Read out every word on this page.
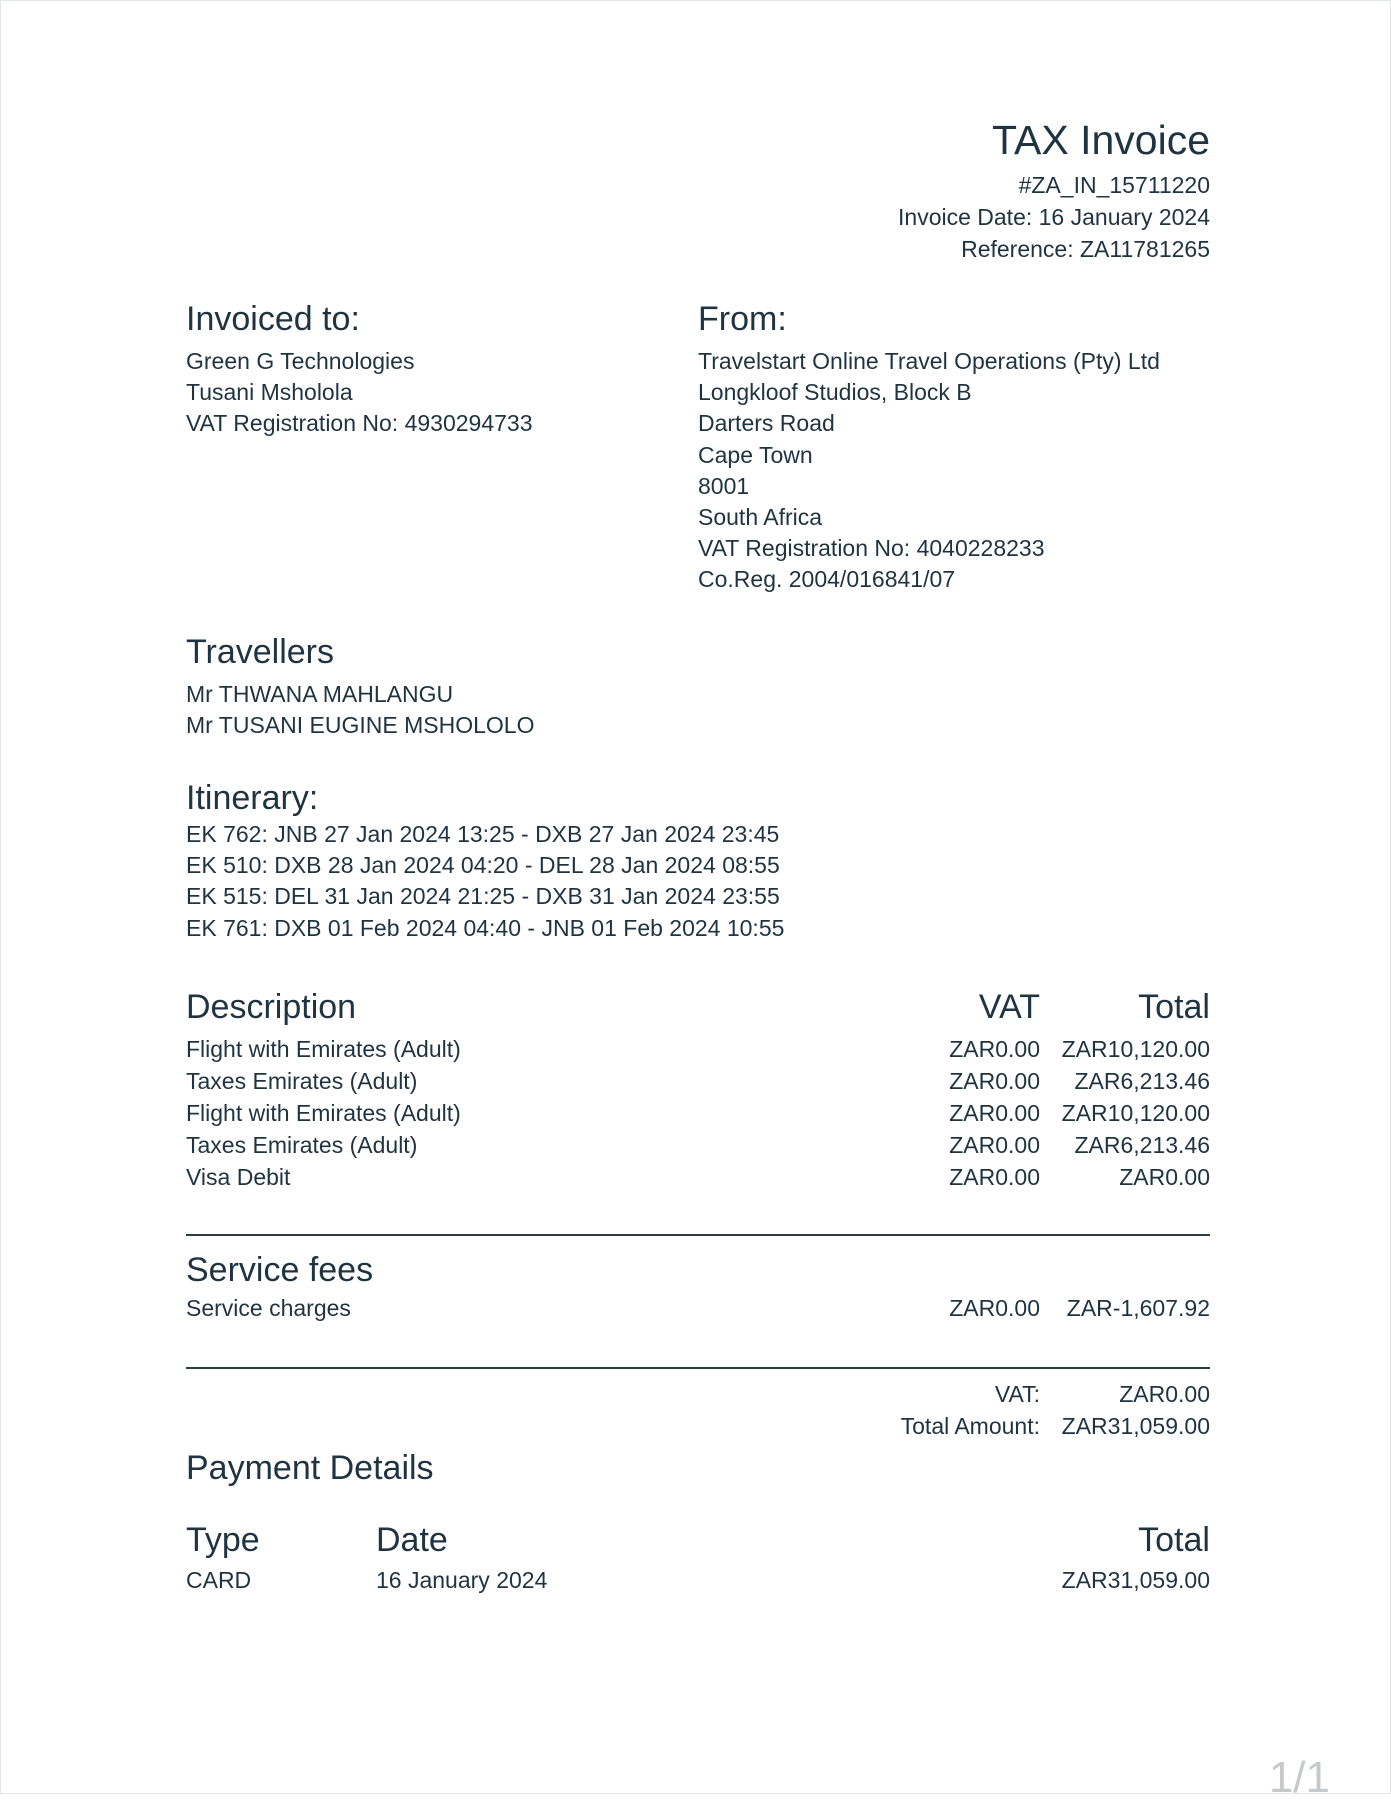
TAX Invoice
#ZA_IN_15711220
Invoice Date: 16 January 2024
Reference: ZA11781265
Invoiced to:
Green G Technologies
Tusani Msholola
VAT Registration No: 4930294733
From:
Travelstart Online Travel Operations (Pty) Ltd
Longkloof Studios, Block B
Darters Road
Cape Town
8001
South Africa
VAT Registration No: 4040228233
Co.Reg. 2004/016841/07
Travellers
Mr THWANA MAHLANGU
Mr TUSANI EUGINE MSHOLOLO
Itinerary:
EK 762: JNB 27 Jan 2024 13:25 - DXB 27 Jan 2024 23:45
EK 510: DXB 28 Jan 2024 04:20 - DEL 28 Jan 2024 08:55
EK 515: DEL 31 Jan 2024 21:25 - DXB 31 Jan 2024 23:55
EK 761: DXB 01 Feb 2024 04:40 - JNB 01 Feb 2024 10:55
Description	VAT	Total
Flight with Emirates (Adult)	ZAR0.00 ZAR10,120.00
Taxes Emirates (Adult)	ZAR0.00 ZAR6,213.46
Flight with Emirates (Adult)	ZAR0.00 ZAR10,120.00
Taxes Emirates (Adult)	ZAR0.00 ZAR6,213.46
Visa Debit	ZAR0.00	ZAR0.00
Service fees
Service charges	ZAR0.00 ZAR-1,607.92
VAT:	ZAR0.00
Total Amount: ZAR31,059.00
Payment Details
Type	Date	Total
CARD	16 January 2024	ZAR31,059.00
1/1
